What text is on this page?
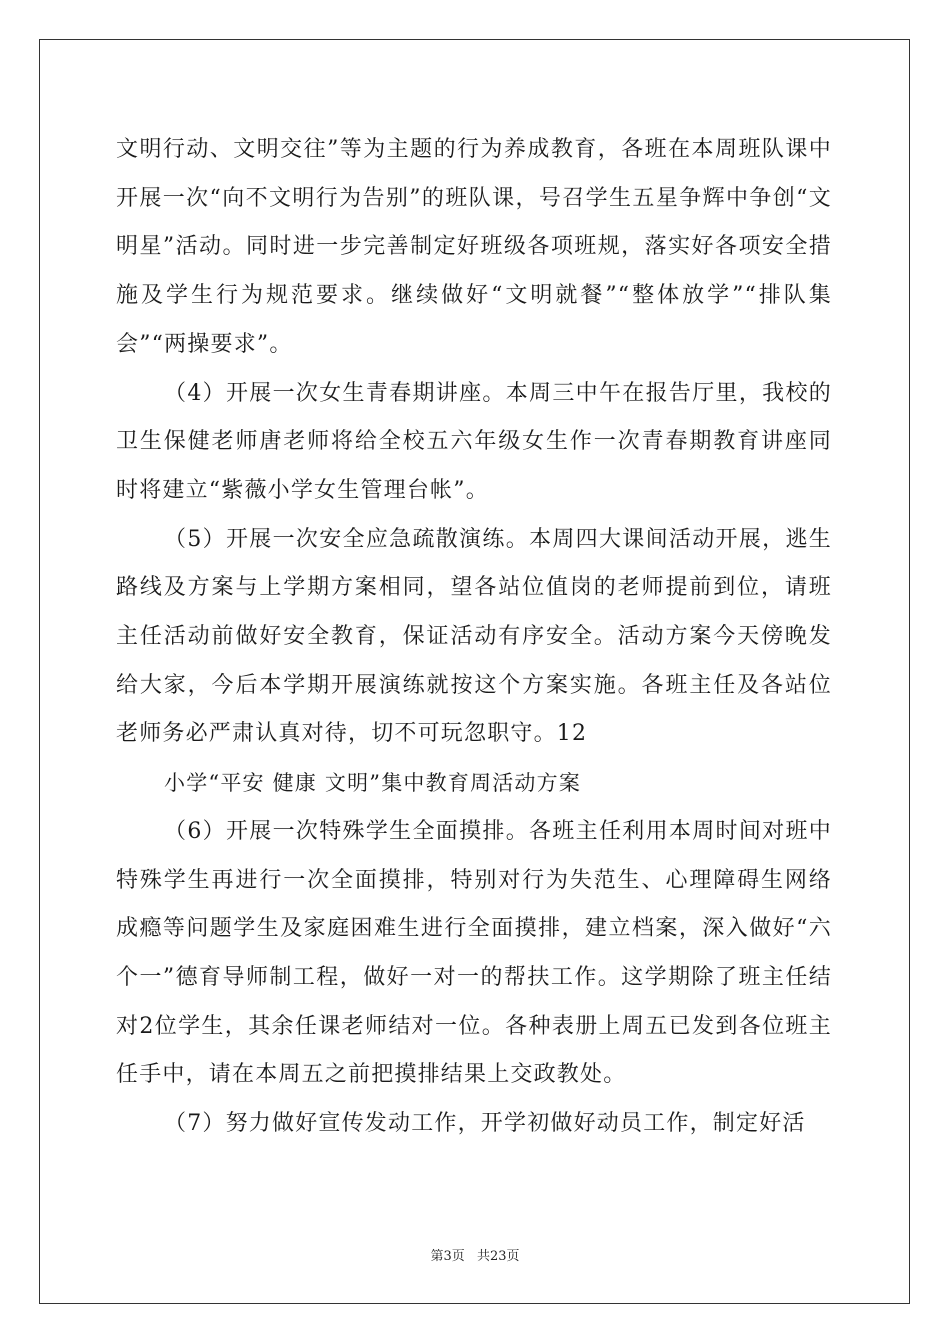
文明行动、文明交往”等为主题的行为养成教育，各班在本周班队课中开展一次“向不文明行为告别”的班队课，号召学生五星争辉中争创“文明星”活动。同时进一步完善制定好班级各项班规，落实好各项安全措施及学生行为规范要求。继续做好“文明就餐”“整体放学”“排队集会”“两操要求”。

（4）开展一次女生青春期讲座。本周三中午在报告厅里，我校的卫生保健老师唐老师将给全校五六年级女生作一次青春期教育讲座同时将建立“紫薇小学女生管理台帐”。

（5）开展一次安全应急疏散演练。本周四大课间活动开展，逃生路线及方案与上学期方案相同，望各站位值岗的老师提前到位，请班主任活动前做好安全教育，保证活动有序安全。活动方案今天傍晚发给大家，今后本学期开展演练就按这个方案实施。各班主任及各站位老师务必严肃认真对待，切不可玩忽职守。12

小学“平安 健康 文明”集中教育周活动方案

（6）开展一次特殊学生全面摸排。各班主任利用本周时间对班中特殊学生再进行一次全面摸排，特别对行为失范生、心理障碍生网络成瘾等问题学生及家庭困难生进行全面摸排，建立档案，深入做好“六个一”德育导师制工程，做好一对一的帮扶工作。这学期除了班主任结对2位学生，其余任课老师结对一位。各种表册上周五已发到各位班主任手中，请在本周五之前把摸排结果上交政教处。

（7）努力做好宣传发动工作，开学初做好动员工作，制定好活

第3页 共23页
